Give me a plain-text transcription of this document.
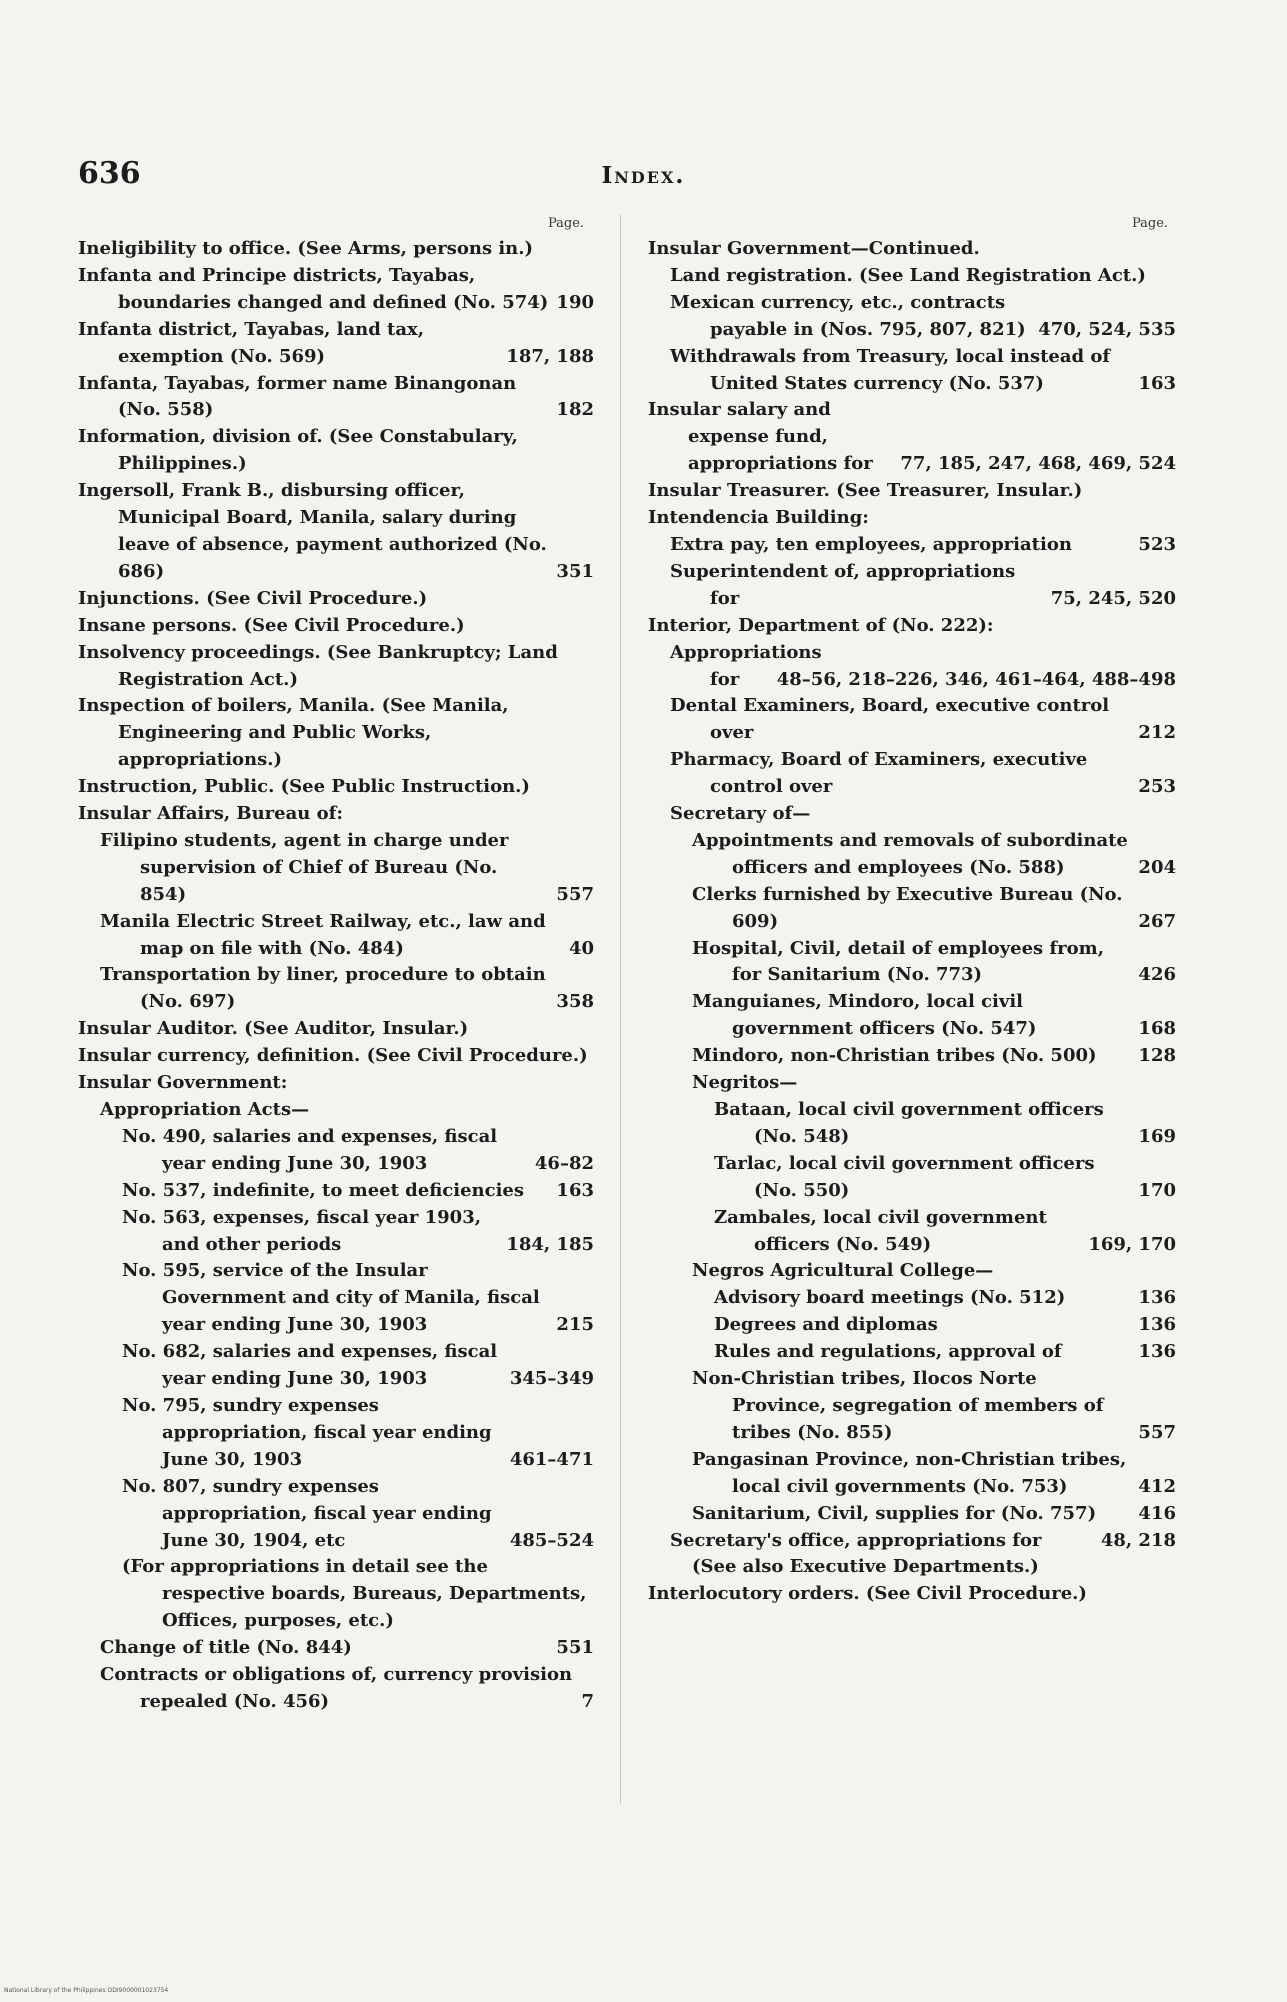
636	Index.
Page.	Page.
Ineligibility to office. (See Arms, persons in.)
Infanta and Principe districts, Tayabas, boundaries changed and defined (No. 574) 190
Infanta district, Tayabas, land tax, exemption (No. 569)	187, 188
Infanta, Tayabas, former name Binangonan (No. 558)	182
Information, division of. (See Constabulary, Philippines.)
Ingersoll, Frank B., disbursing officer, Municipal Board, Manila, salary during leave of absence, payment authorized (No. 686)	351
Injunctions. (See Civil Procedure.)
Insane persons. (See Civil Procedure.)
Insolvency proceedings. (See Bankruptcy; Land Registration Act.)
Inspection of boilers, Manila. (See Manila, Engineering and Public Works, appropriations.)
Instruction, Public. (See Public Instruction.)
Insular Affairs, Bureau of:
Filipino students, agent in charge under supervision of Chief of Bureau (No. 854)	557
Manila Electric Street Railway, etc., law and map on file with (No. 484)	40
Transportation by liner, procedure to obtain (No. 697)	358
Insular Auditor. (See Auditor, Insular.)
Insular currency, definition. (See Civil Procedure.)
Insular Government:
Appropriation Acts—
No. 490, salaries and expenses, fiscal year ending June 30, 1903	46–82
No. 537, indefinite, to meet deficiencies	163
No. 563, expenses, fiscal year 1903, and other periods	184, 185
No. 595, service of the Insular Government and city of Manila, fiscal year ending June 30, 1903	215
No. 682, salaries and expenses, fiscal year ending June 30, 1903	345–349
No. 795, sundry expenses appropriation, fiscal year ending June 30, 1903	461–471
No. 807, sundry expenses appropriation, fiscal year ending June 30, 1904, etc	485–524
(For appropriations in detail see the respective boards, Bureaus, Departments, Offices, purposes, etc.)
Change of title (No. 844)	551
Contracts or obligations of, currency provision repealed (No. 456)	7
Insular Government—Continued.
Land registration. (See Land Registration Act.)
Mexican currency, etc., contracts payable in (Nos. 795, 807, 821) 470, 524, 535
Withdrawals from Treasury, local instead of United States currency (No. 537)	163
Insular salary and expense fund, appropriations for	77, 185, 247, 468, 469, 524
Insular Treasurer. (See Treasurer, Insular.)
Intendencia Building:
Extra pay, ten employees, appropriation	523
Superintendent of, appropriations for	75, 245, 520
Interior, Department of (No. 222):
Appropriations for	48–56, 218–226, 346, 461–464, 488–498
Dental Examiners, Board, executive control over	212
Pharmacy, Board of Examiners, executive control over	253
Secretary of—
Appointments and removals of subordinate officers and employees (No. 588)	204
Clerks furnished by Executive Bureau (No. 609)	267
Hospital, Civil, detail of employees from, for Sanitarium (No. 773)	426
Manguianes, Mindoro, local civil government officers (No. 547)	168
Mindoro, non-Christian tribes (No. 500)	128
Negritos—
Bataan, local civil government officers (No. 548)	169
Tarlac, local civil government officers (No. 550)	170
Zambales, local civil government officers (No. 549)	169, 170
Negros Agricultural College—
Advisory board meetings (No. 512)	136
Degrees and diplomas	136
Rules and regulations, approval of	136
Non-Christian tribes, Ilocos Norte Province, segregation of members of tribes (No. 855)	557
Pangasinan Province, non-Christian tribes, local civil governments (No. 753)	412
Sanitarium, Civil, supplies for (No. 757)	416
Secretary's office, appropriations for	48, 218
(See also Executive Departments.)
Interlocutory orders. (See Civil Procedure.)
National Library of the Philippines ODI9000001023754
